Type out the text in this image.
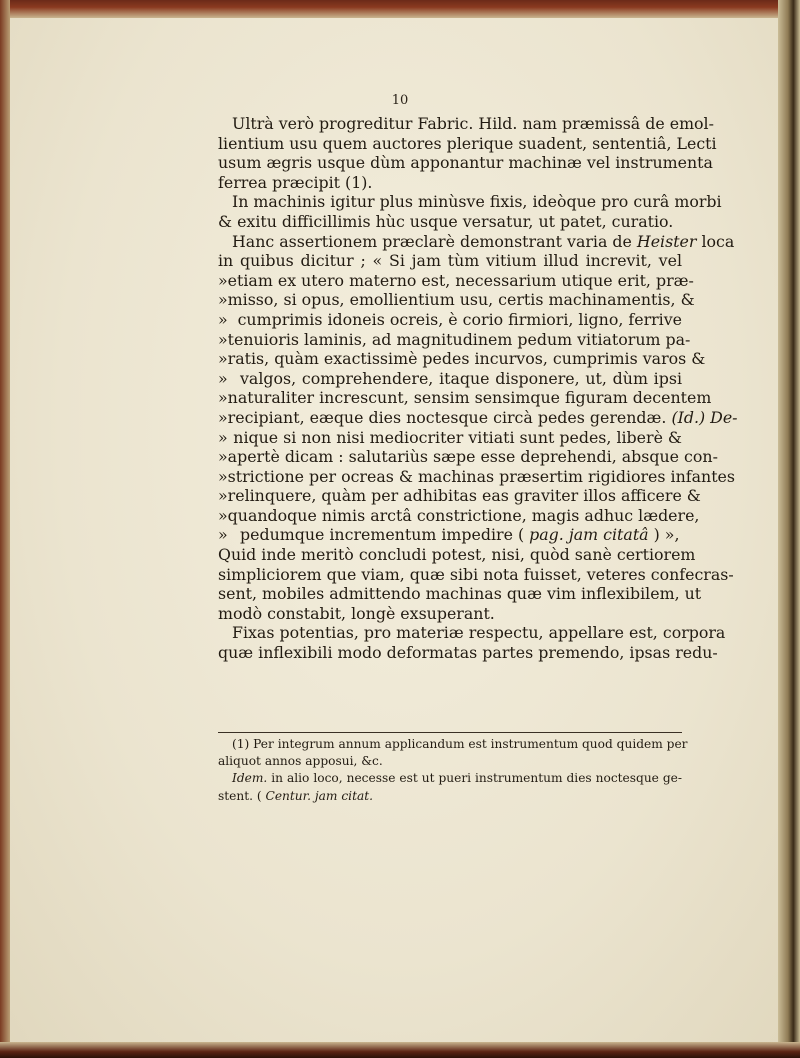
10
Ultrà verò progreditur Fabric. Hild. nam præmissâ de emol-
lientium usu quem auctores plerique suadent, sententiâ, Lecti
usum ægris usque dùm apponantur machinæ vel instrumenta
ferrea præcipit (1).
In machinis igitur plus minùsve fixis, ideòque pro curâ morbi
& exitu difficillimis hùc usque versatur, ut patet, curatio.
Hanc assertionem præclarè demonstrant varia de Heister loca
in quibus dicitur ; « Si jam tùm vitium illud increvit, vel
» etiam ex utero materno est, necessarium utique erit, præ-
» misso, si opus, emollientium usu, certis machinamentis, &
» cumprimis idoneis ocreis, è corio firmiori, ligno, ferrive
» tenuioris laminis, ad magnitudinem pedum vitiatorum pa-
» ratis, quàm exactissimè pedes incurvos, cumprimis varos &
» valgos, comprehendere, itaque disponere, ut, dùm ipsi
» naturaliter increscunt, sensim sensimque figuram decentem
» recipiant, eæque dies noctesque circà pedes gerendæ. (Id.) De-
» nique si non nisi mediocriter vitiati sunt pedes, liberè &
» apertè dicam : salutariùs sæpe esse deprehendi, absque con-
» strictione per ocreas & machinas præsertim rigidiores infantes
» relinquere, quàm per adhibitas eas graviter illos afficere &
» quandoque nimis arctâ constrictione, magis adhuc lædere,
» pedumque incrementum impedire ( pag. jam citatâ ) »,
Quid inde meritò concludi potest, nisi, quòd sanè certiorem
simpliciorem que viam, quæ sibi nota fuisset, veteres confecras-
sent, mobiles admittendo machinas quæ vim inflexibilem, ut
modò constabit, longè exsuperant.
Fixas potentias, pro materiæ respectu, appellare est, corpora
quæ inflexibili modo deformatas partes premendo, ipsas redu-
(1) Per integrum annum applicandum est instrumentum quod quidem per
aliquot annos apposui, &c.
Idem. in alio loco, necesse est ut pueri instrumentum dies noctesque ge-
stent. ( Centur. jam citat.
